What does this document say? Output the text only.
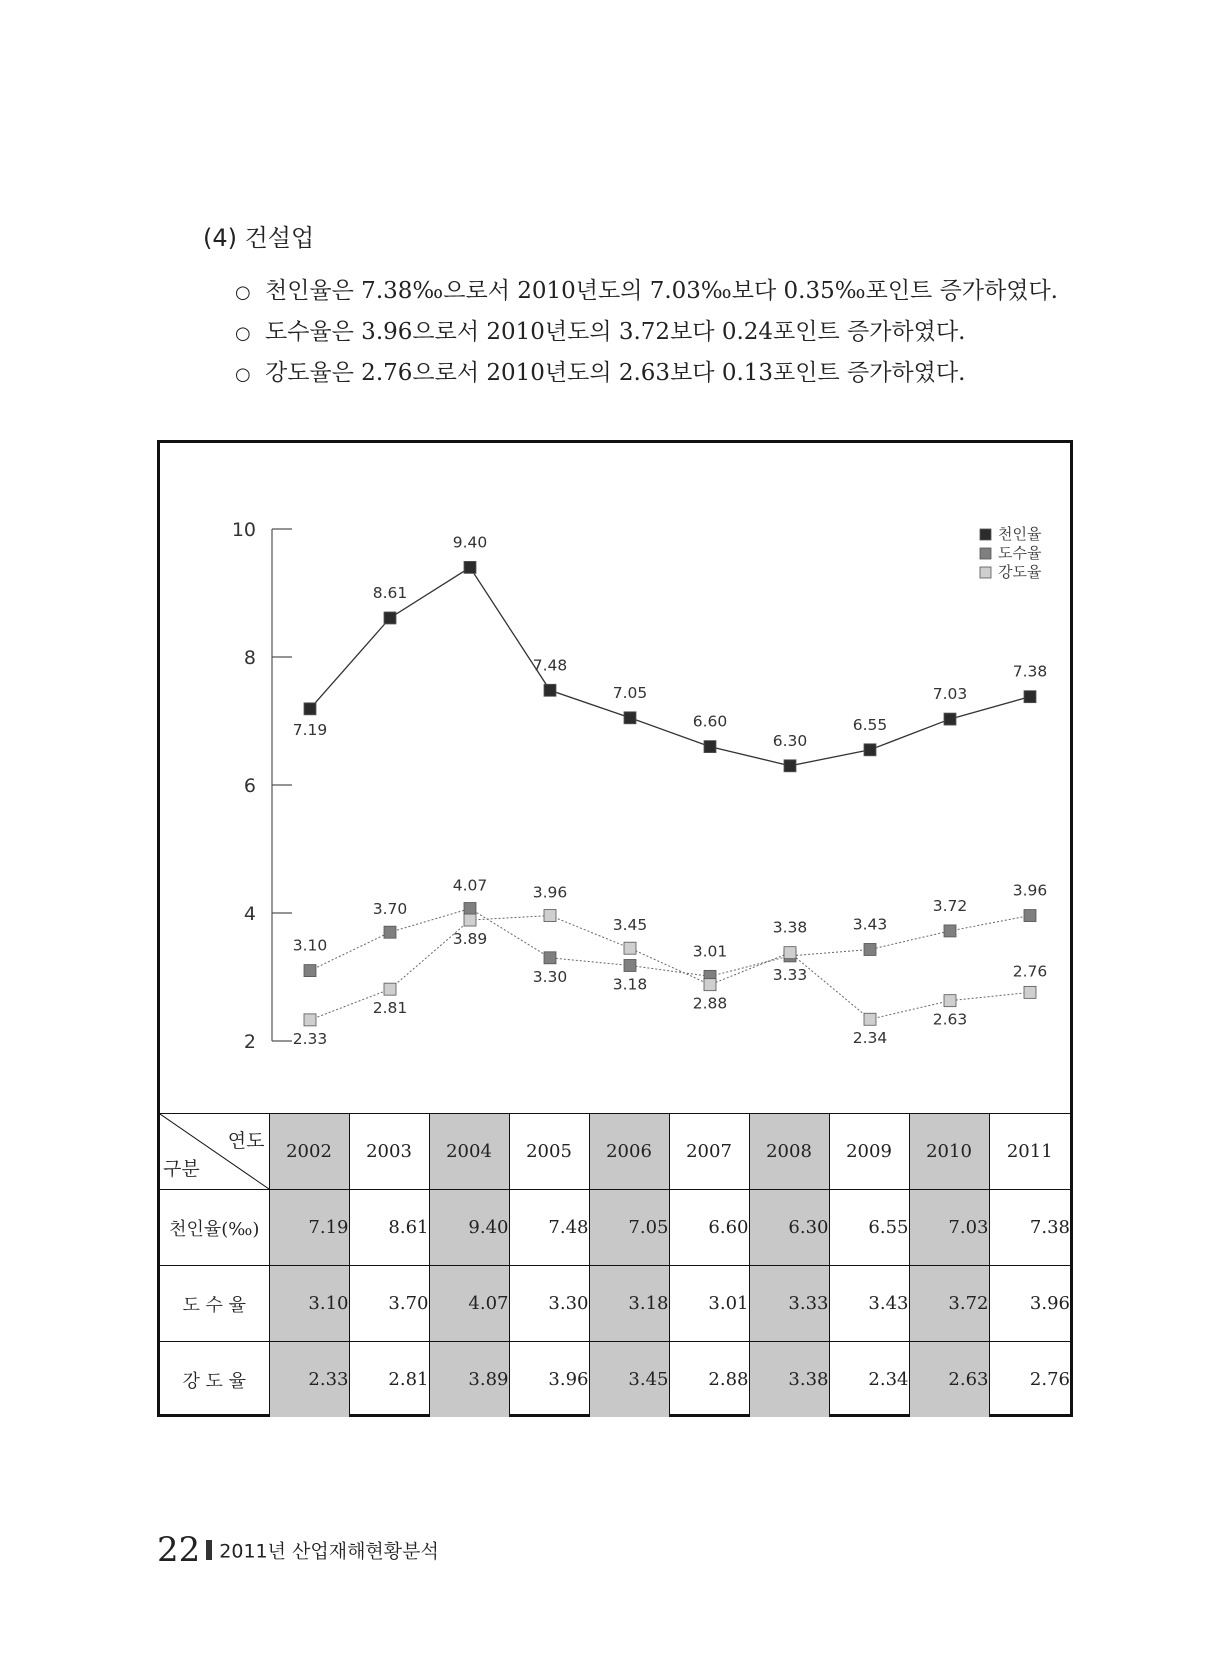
(4) 건설업
○ 천인율은 7.38‰으로서 2010년도의 7.03‰보다 0.35‰포인트 증가하였다.
○ 도수율은 3.96으로서 2010년도의 3.72보다 0.24포인트 증가하였다.
○ 강도율은 2.76으로서 2010년도의 2.63보다 0.13포인트 증가하였다.
2
4
6
8
10
7.19
8.61
9.40
7.48
7.05
6.60
6.30
6.55
7.03
7.38
3.10
3.70
4.07
3.30	3.18
3.01
3.33
3.43
3.72
3.96
2.33
2.81
3.89
3.96
3.45
2.88
3.38
2.34
2.63
2.76
천인율
도수율
강도율
연도
구분	2002	2003	2004	2005	2006	2007	2008	2009	2010	2011
천인율(‰)	7.19	8.61	9.40	7.48	7.05	6.60	6.30	6.55	7.03	7.38
도 수 율	3.10	3.70	4.07	3.30	3.18	3.01	3.33	3.43	3.72	3.96
강 도 율	2.33	2.81	3.89	3.96	3.45	2.88	3.38	2.34	2.63	2.76
22 2011년 산업재해현황분석
